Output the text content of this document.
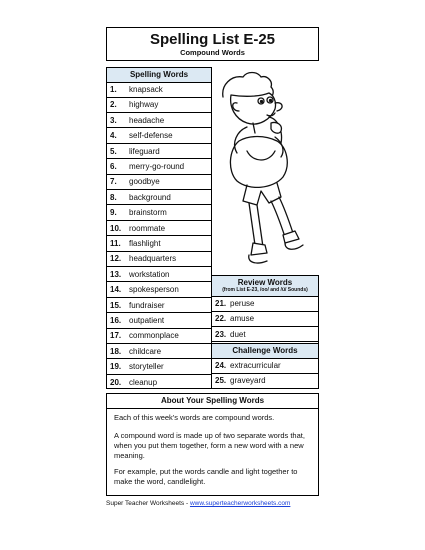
Spelling List E-25
Compound Words
Spelling Words
1. knapsack
2. highway
3. headache
4. self-defense
5. lifeguard
6. merry-go-round
7. goodbye
8. background
9. brainstorm
10. roommate
11. flashlight
12. headquarters
13. workstation
14. spokesperson
15. fundraiser
16. outpatient
17. commonplace
18. childcare
19. storyteller
20. cleanup
Review Words
(from List E-23, /oo/ and /ü/ Sounds)
21. peruse
22. amuse
23. duet
Challenge Words
24. extracurricular
25. graveyard
About Your Spelling Words
Each of this week's words are compound words.
A compound word is made up of two separate words that, when you put them together, form a new word with a new meaning.
For example, put the words candle and light together to make the word, candlelight.
Super Teacher Worksheets - www.superteacherworksheets.com
